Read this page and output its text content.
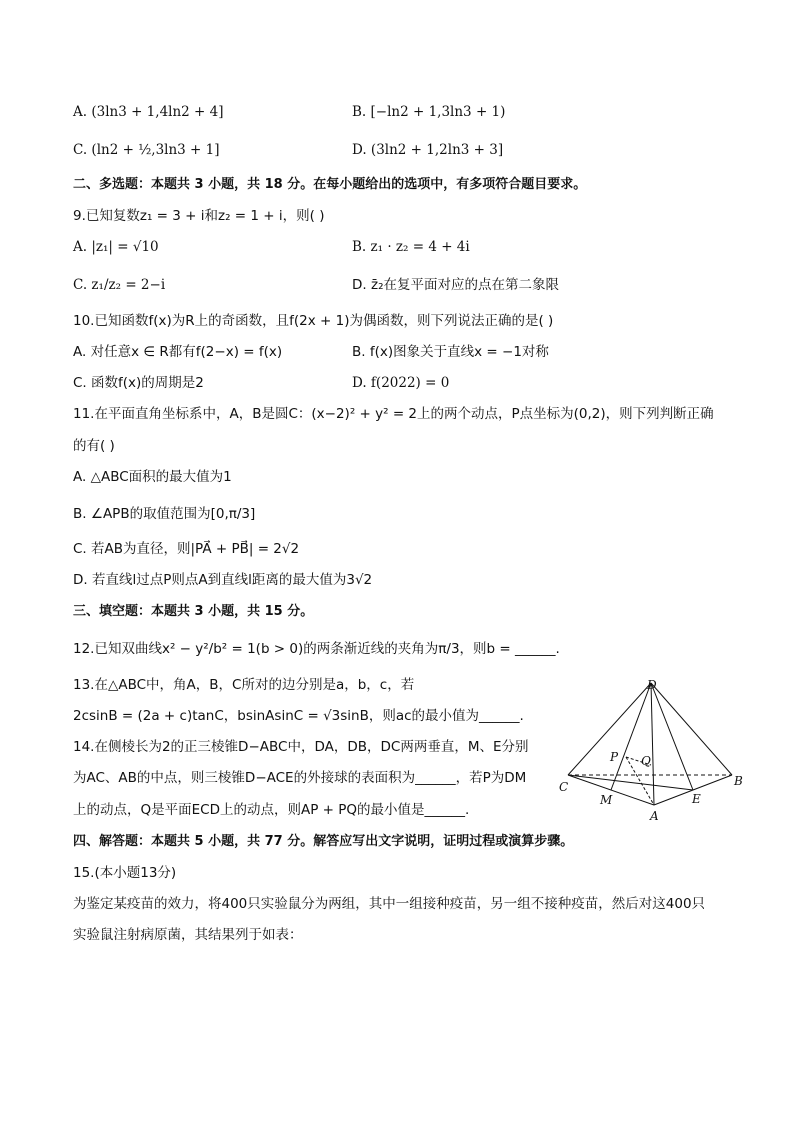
A. (3ln3 + 1,4ln2 + 4]	B. [−ln2 + 1,3ln3 + 1)
C. (ln2 + ½,3ln3 + 1]	D. (3ln2 + 1,2ln3 + 3]
二、多选题：本题共 3 小题，共 18 分。在每小题给出的选项中，有多项符合题目要求。
9.已知复数z₁ = 3 + i和z₂ = 1 + i，则( )
A. |z₁| = √10	B. z₁ · z₂ = 4 + 4i
C. z₁/z₂ = 2−i	D. z̄₂在复平面对应的点在第二象限
10.已知函数f(x)为R上的奇函数，且f(2x + 1)为偶函数，则下列说法正确的是( )
A. 对任意x ∈ R都有f(2−x) = f(x)	B. f(x)图象关于直线x = −1对称
C. 函数f(x)的周期是2	D. f(2022) = 0
11.在平面直角坐标系中，A，B是圆C：(x−2)² + y² = 2上的两个动点，P点坐标为(0,2)，则下列判断正确
的有( )
A. △ABC面积的最大值为1
B. ∠APB的取值范围为[0,π/3]
C. 若AB为直径，则|PA⃗ + PB⃗| = 2√2
D. 若直线l过点P则点A到直线l距离的最大值为3√2
三、填空题：本题共 3 小题，共 15 分。
12.已知双曲线x² − y²/b² = 1(b > 0)的两条渐近线的夹角为π/3，则b = ______.
13.在△ABC中，角A，B，C所对的边分别是a，b，c，若
2csinB = (2a + c)tanC，bsinAsinC = √3sinB，则ac的最小值为______.
14.在侧棱长为2的正三棱锥D−ABC中，DA，DB，DC两两垂直，M、E分别
为AC、AB的中点，则三棱锥D−ACE的外接球的表面积为______，若P为DM
上的动点，Q是平面ECD上的动点，则AP + PQ的最小值是______.
D
P Q
C
M	E
A
B
四、解答题：本题共 5 小题，共 77 分。解答应写出文字说明，证明过程或演算步骤。
15.(本小题13分)
为鉴定某疫苗的效力，将400只实验鼠分为两组，其中一组接种疫苗，另一组不接种疫苗，然后对这400只
实验鼠注射病原菌，其结果列于如表：
